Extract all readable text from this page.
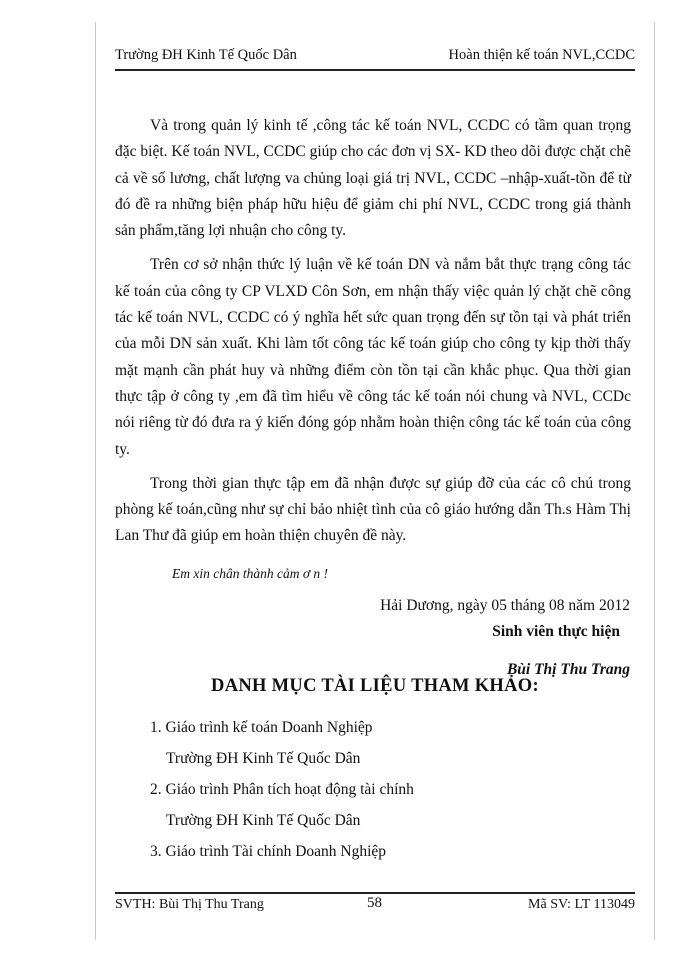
Trường ĐH Kinh Tế Quốc Dân	Hoàn thiện kế toán NVL,CCDC

Và trong quản lý kinh tế ,công tác kế toán NVL, CCDC có tầm quan trọng đặc biệt. Kế toán NVL, CCDC giúp cho các đơn vị SX- KD theo dõi được chặt chẽ cả về số lương, chất lượng va chủng loại giá trị NVL, CCDC –nhập-xuất-tồn để từ đó đề ra những biện pháp hữu hiệu để giảm chi phí NVL, CCDC trong giá thành sản phẩm,tăng lợi nhuận cho công ty.

Trên cơ sở nhận thức lý luận về kế toán DN và nắm bắt thực trạng công tác kế toán của công ty CP VLXD Côn Sơn, em nhận thấy việc quản lý chặt chẽ công tác kế toán NVL, CCDC có ý nghĩa hết sức quan trọng đến sự tồn tại và phát triển của mỗi DN sản xuất. Khi làm tốt công tác kế toán giúp cho công ty kịp thời thấy mặt mạnh cần phát huy và những điểm còn tồn tại cần khắc phục. Qua thời gian thực tập ở công ty ,em đã tìm hiểu về công tác kế toán nói chung và NVL, CCDc nói riêng từ đó đưa ra ý kiến đóng góp nhằm hoàn thiện công tác kế toán của công ty.

Trong thời gian thực tập em đã nhận được sự giúp đỡ của các cô chú trong phòng kế toán,cũng như sự chỉ bảo nhiệt tình của cô giáo hướng dẫn Th.s Hàm Thị Lan Thư đã giúp em hoàn thiện chuyên đề này.

Em xin chân thành cảm ơ n !
Hải Dương, ngày 05 tháng 08 năm 2012
Sinh viên thực hiện
Bùi Thị Thu Trang
DANH MỤC TÀI LIỆU THAM KHẢO:
1. Giáo trình kế toán Doanh Nghiệp
Trường ĐH Kinh Tế Quốc Dân
2. Giáo trình Phân tích hoạt động tài chính
Trường ĐH Kinh Tế Quốc Dân
3. Giáo trình Tài chính Doanh Nghiệp
SVTH: Bùi Thị Thu Trang	58	Mã SV: LT 113049
